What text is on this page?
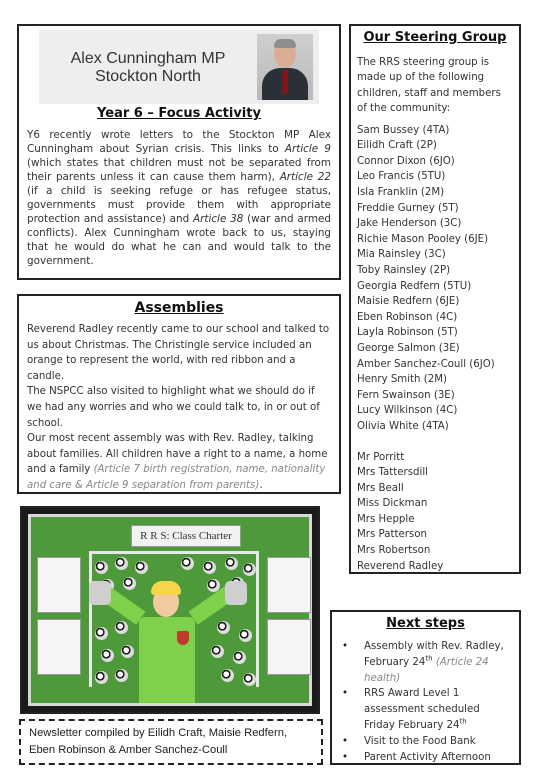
Alex Cunningham MP
Stockton North
Year 6 – Focus Activity

Y6 recently wrote letters to the Stockton MP Alex Cunningham about Syrian crisis. This links to Article 9 (which states that children must not be separated from their parents unless it can cause them harm), Article 22 (if a child is seeking refuge or has refugee status, governments must provide them with appropriate protection and assistance) and Article 38 (war and armed conflicts). Alex Cunningham wrote back to us, staying that he would do what he can and would talk to the government.

Assemblies

Reverend Radley recently came to our school and talked to us about Christmas. The Christingle service included an orange to represent the world, with red ribbon and a candle.

The NSPCC also visited to highlight what we should do if we had any worries and who we could talk to, in or out of school.

Our most recent assembly was with Rev. Radley, talking about families. All children have a right to a name, a home and a family (Article 7 birth registration, name, nationality and care & Article 9 separation from parents).

R R S: Class Charter
Newsletter compiled by Eilidh Craft, Maisie Redfern, Eben Robinson & Amber Sanchez-Coull
Our Steering Group

The RRS steering group is made up of the following children, staff and members of the community:

Sam Bussey (4TA)
Eilidh Craft (2P)
Connor Dixon (6JO)
Leo Francis (5TU)
Isla Franklin (2M)
Freddie Gurney (5T)
Jake Henderson (3C)
Richie Mason Pooley (6JE)
Mia Rainsley (3C)
Toby Rainsley (2P)
Georgia Redfern (5TU)
Maisie Redfern (6JE)
Eben Robinson (4C)
Layla Robinson (5T)
George Salmon (3E)
Amber Sanchez-Coull (6JO)
Henry Smith (2M)
Fern Swainson (3E)
Lucy Wilkinson (4C)
Olivia White (4TA)
Mr Porritt
Mrs Tattersdill
Mrs Beall
Miss Dickman
Mrs Hepple
Mrs Patterson
Mrs Robertson
Reverend Radley
Next steps
• Assembly with Rev. Radley, February 24th (Article 24 health)
• RRS Award Level 1 assessment scheduled Friday February 24th
• Visit to the Food Bank
• Parent Activity Afternoon
